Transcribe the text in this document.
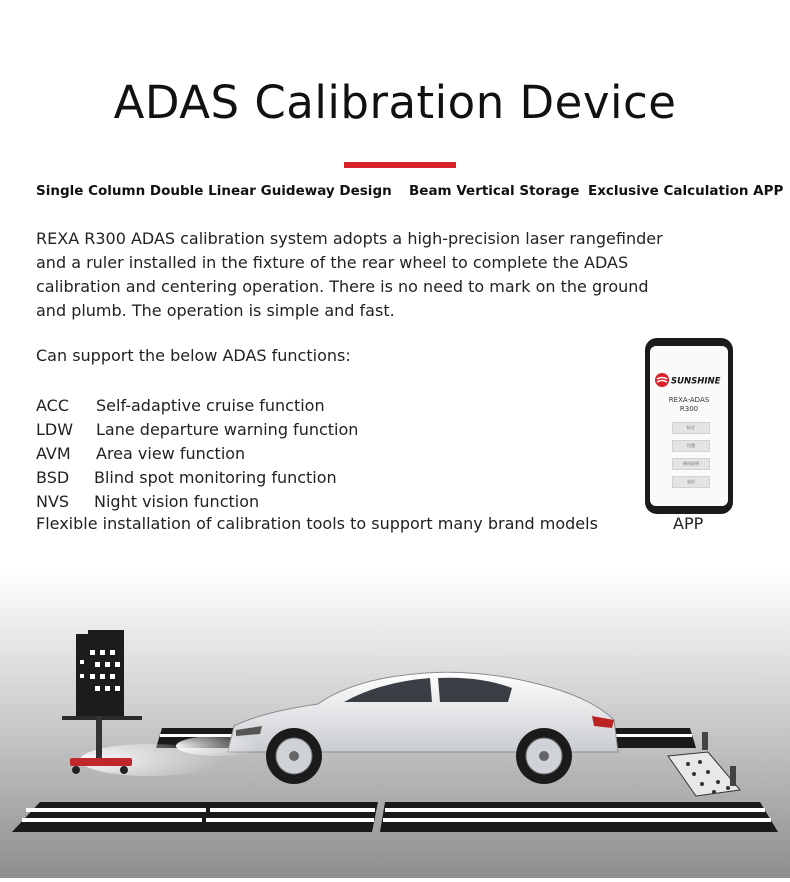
ADAS Calibration Device
Single Column Double Linear Guideway Design Beam Vertical Storage Exclusive Calculation APP

REXA R300 ADAS calibration system adopts a high-precision laser rangefinder and a ruler installed in the fixture of the rear wheel to complete the ADAS calibration and centering operation. There is no need to mark on the ground and plumb. The operation is simple and fast.

Can support the below ADAS functions:
ACC Self-adaptive cruise function
LDW Lane departure warning function
AVM Area view function
BSD Blind spot monitoring function
NVS Night vision function
Flexible installation of calibration tools to support many brand models	APP
SUNSHINE
REXA-ADAS
R300
标定
设置
使用说明
退出
